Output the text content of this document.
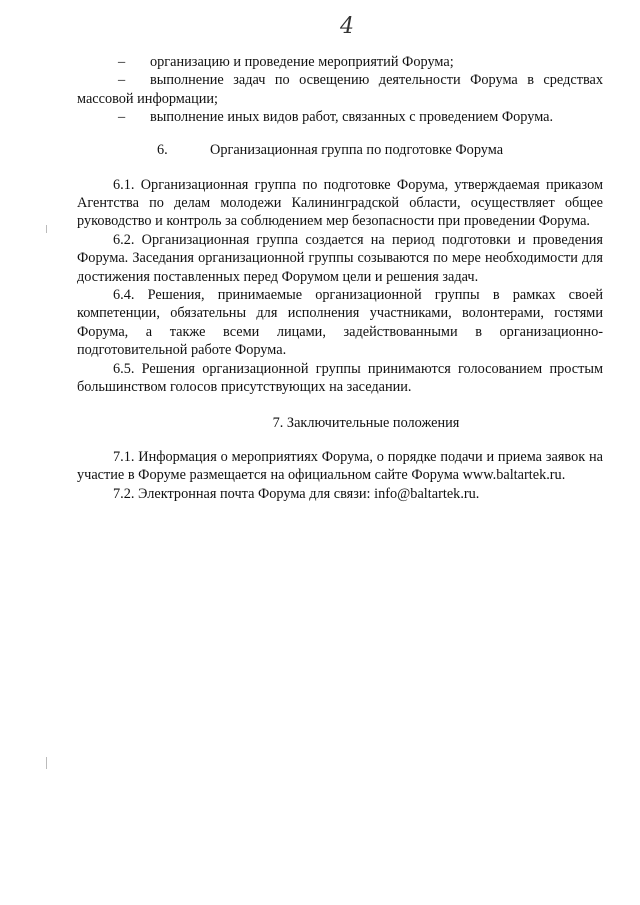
4

– организацию и проведение мероприятий Форума;

– выполнение задач по освещению деятельности Форума в средствах массовой информации;

– выполнение иных видов работ, связанных с проведением Форума.

6.	Организационная группа по подготовке Форума

6.1. Организационная группа по подготовке Форума, утверждаемая приказом Агентства по делам молодежи Калининградской области, осуществляет общее руководство и контроль за соблюдением мер безопасности при проведении Форума.

6.2. Организационная группа создается на период подготовки и проведения Форума. Заседания организационной группы созываются по мере необходимости для достижения поставленных перед Форумом цели и решения задач.

6.4. Решения, принимаемые организационной группы в рамках своей компетенции, обязательны для исполнения участниками, волонтерами, гостями Форума, а также всеми лицами, задействованными в организационно-подготовительной работе Форума.

6.5. Решения организационной группы принимаются голосованием простым большинством голосов присутствующих на заседании.

7. Заключительные положения

7.1. Информация о мероприятиях Форума, о порядке подачи и приема заявок на участие в Форуме размещается на официальном сайте Форума www.baltartek.ru.

7.2. Электронная почта Форума для связи: info@baltartek.ru.
